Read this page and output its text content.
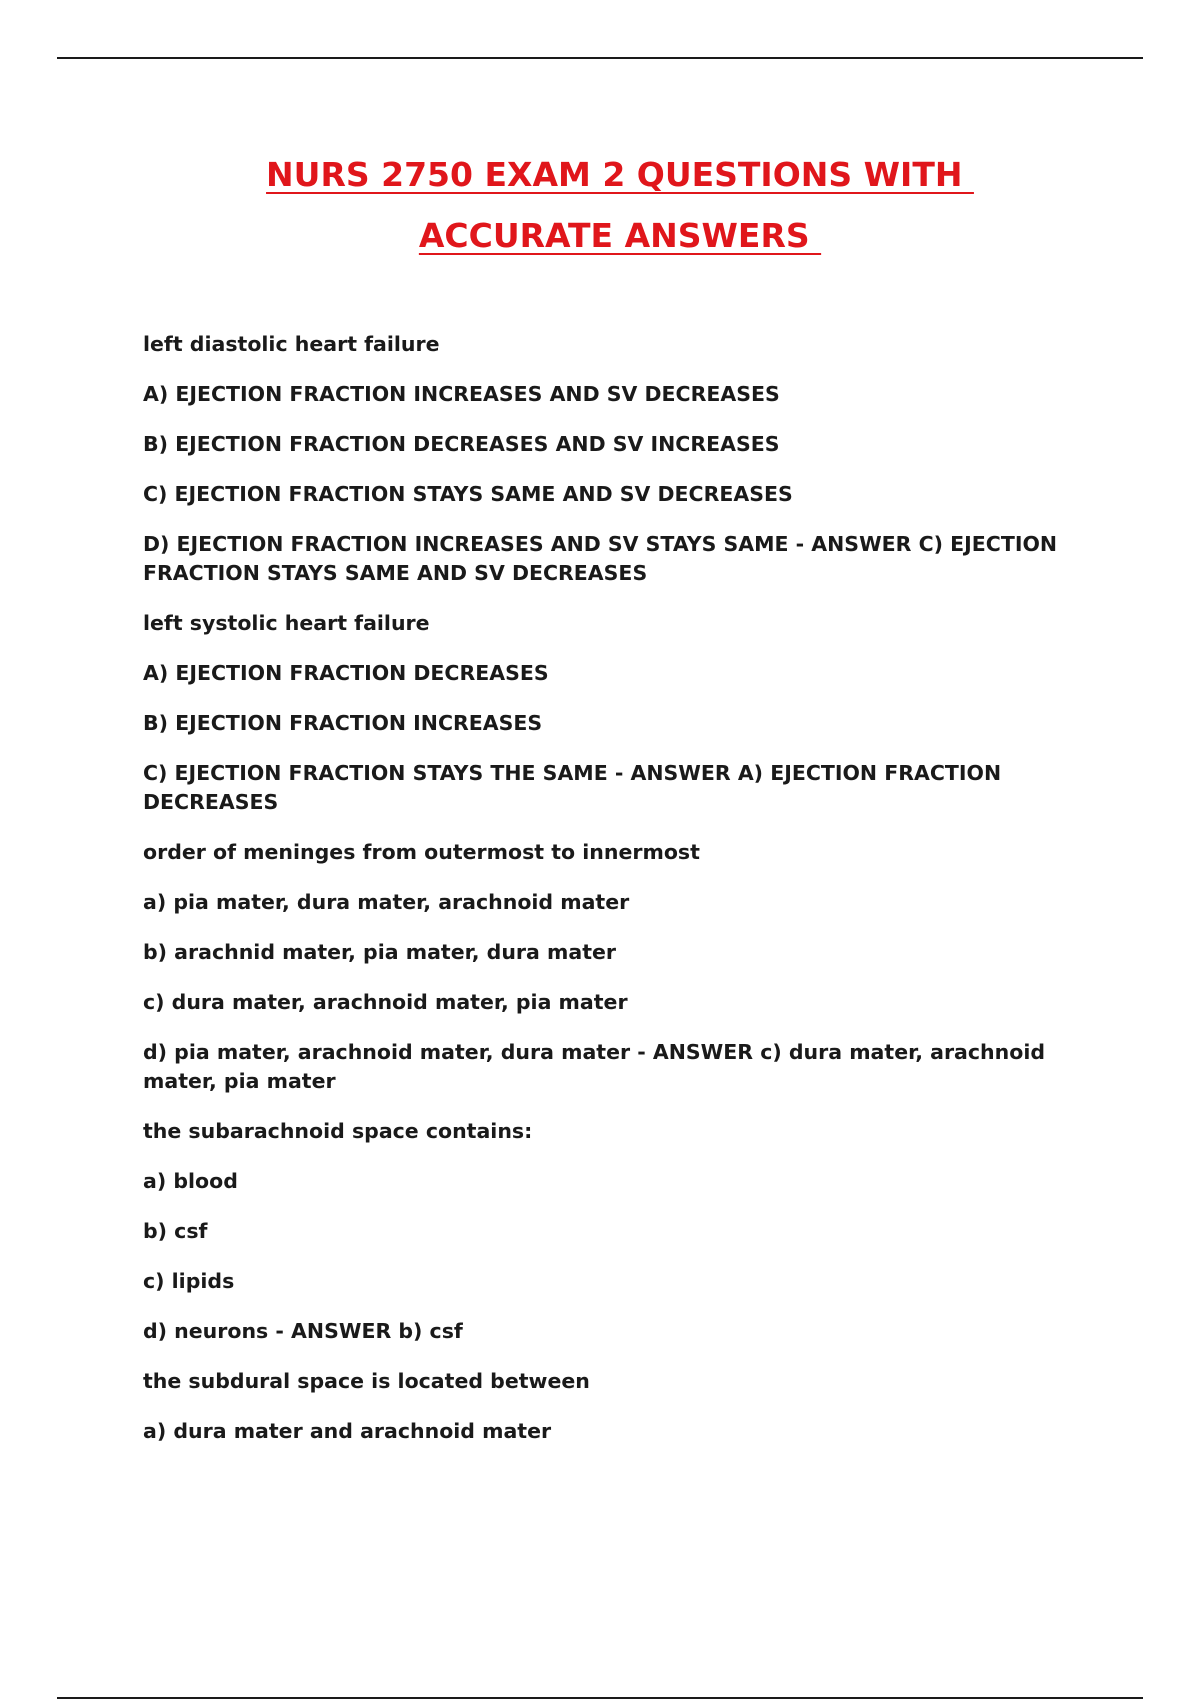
NURS 2750 EXAM 2 QUESTIONS WITH
ACCURATE ANSWERS

left diastolic heart failure

A) EJECTION FRACTION INCREASES AND SV DECREASES

B) EJECTION FRACTION DECREASES AND SV INCREASES

C) EJECTION FRACTION STAYS SAME AND SV DECREASES

D) EJECTION FRACTION INCREASES AND SV STAYS SAME - ANSWER C) EJECTION FRACTION STAYS SAME AND SV DECREASES

left systolic heart failure

A) EJECTION FRACTION DECREASES

B) EJECTION FRACTION INCREASES

C) EJECTION FRACTION STAYS THE SAME - ANSWER A) EJECTION FRACTION DECREASES

order of meninges from outermost to innermost

a) pia mater, dura mater, arachnoid mater

b) arachnid mater, pia mater, dura mater

c) dura mater, arachnoid mater, pia mater

d) pia mater, arachnoid mater, dura mater - ANSWER c) dura mater, arachnoid mater, pia mater

the subarachnoid space contains:

a) blood

b) csf

c) lipids

d) neurons - ANSWER b) csf

the subdural space is located between

a) dura mater and arachnoid mater
